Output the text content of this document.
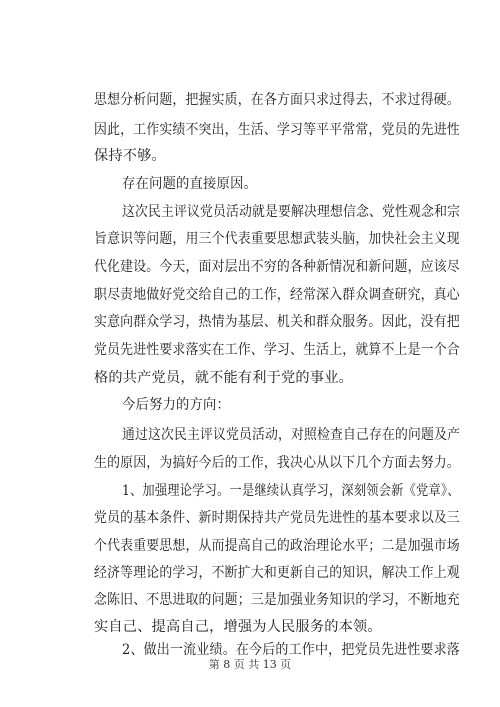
思想分析问题，把握实质，在各方面只求过得去，不求过得硬。
因此，工作实绩不突出，生活、学习等平平常常，党员的先进性
保持不够。
存在问题的直接原因。
这次民主评议党员活动就是要解决理想信念、党性观念和宗
旨意识等问题，用三个代表重要思想武装头脑，加快社会主义现
代化建设。今天，面对层出不穷的各种新情况和新问题，应该尽
职尽责地做好党交给自己的工作，经常深入群众调查研究，真心
实意向群众学习，热情为基层、机关和群众服务。因此，没有把
党员先进性要求落实在工作、学习、生活上，就算不上是一个合
格的共产党员，就不能有利于党的事业。
今后努力的方向：
通过这次民主评议党员活动，对照检查自己存在的问题及产
生的原因，为搞好今后的工作，我决心从以下几个方面去努力。
1、加强理论学习。一是继续认真学习，深刻领会新《党章》、
党员的基本条件、新时期保持共产党员先进性的基本要求以及三
个代表重要思想，从而提高自己的政治理论水平；二是加强市场
经济等理论的学习，不断扩大和更新自己的知识，解决工作上观
念陈旧、不思进取的问题；三是加强业务知识的学习，不断地充
实自己、提高自己，增强为人民服务的本领。
2、做出一流业绩。在今后的工作中，把党员先进性要求落
第 8 页 共 13 页
